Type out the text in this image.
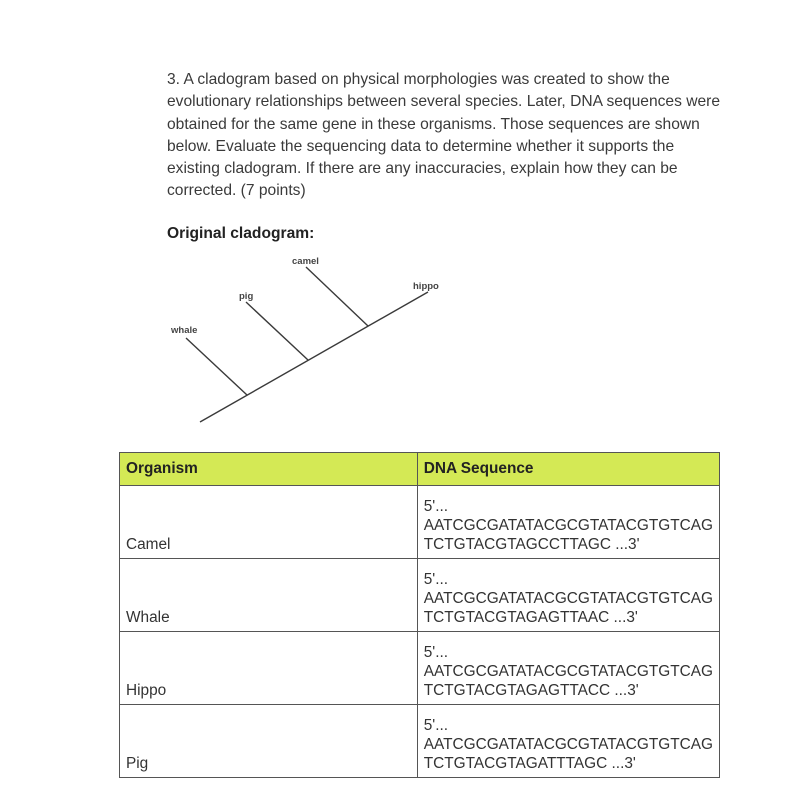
3. A cladogram based on physical morphologies was created to show the evolutionary relationships between several species. Later, DNA sequences were obtained for the same gene in these organisms. Those sequences are shown below. Evaluate the sequencing data to determine whether it supports the existing cladogram. If there are any inaccuracies, explain how they can be corrected. (7 points)

Original cladogram:

camel
pig
whale
hippo
Organism	DNA Sequence
Camel	5'...
AATCGCGATATACGCGTATACGTGTCAG
TCTGTACGTAGCCTTAGC ...3'

Whale	5'...
AATCGCGATATACGCGTATACGTGTCAG
TCTGTACGTAGAGTTAAC ...3'

Hippo	5'...
AATCGCGATATACGCGTATACGTGTCAG
TCTGTACGTAGAGTTACC ...3'

Pig	5'...
AATCGCGATATACGCGTATACGTGTCAG
TCTGTACGTAGATTTAGC ...3'
